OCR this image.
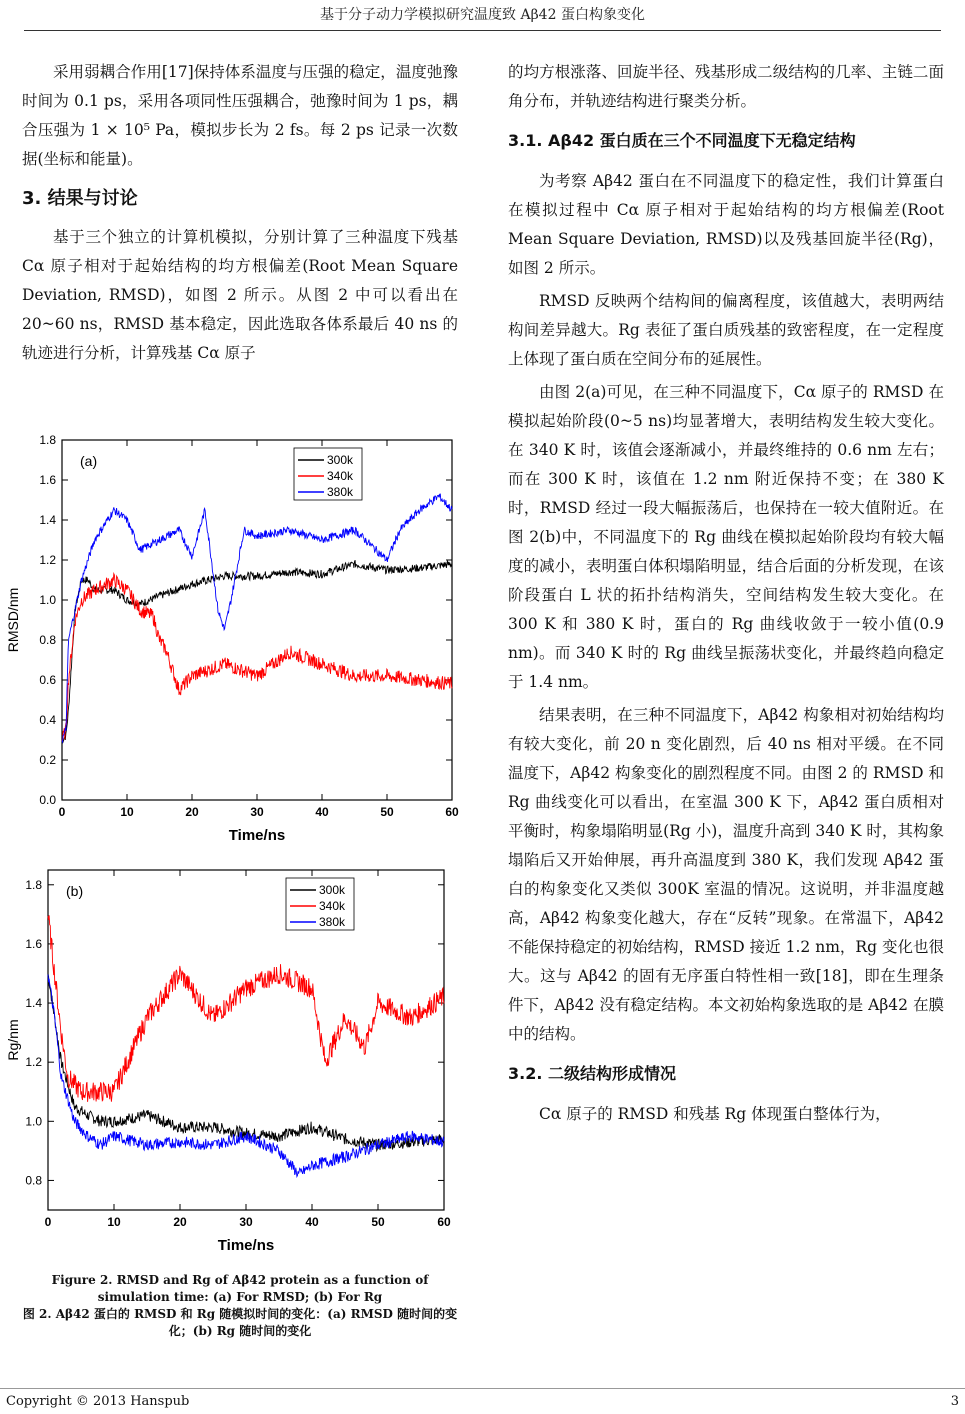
基于分子动力学模拟研究温度致 Aβ42 蛋白构象变化

采用弱耦合作用[17]保持体系温度与压强的稳定，温度弛豫时间为 0.1 ps，采用各项同性压强耦合，弛豫时间为 1 ps，耦合压强为 1 × 10⁵ Pa，模拟步长为 2 fs。每 2 ps 记录一次数据(坐标和能量)。

3. 结果与讨论

基于三个独立的计算机模拟，分别计算了三种温度下残基 Cα 原子相对于起始结构的均方根偏差(Root Mean Square Deviation, RMSD)，如图 2 所示。从图 2 中可以看出在 20~60 ns，RMSD 基本稳定，因此选取各体系最后 40 ns 的轨迹进行分析，计算残基 Cα 原子

0	10	20	30	40	50	60
0.0
0.2
0.4
0.6
0.8
1.0
1.2
1.4
1.6
1.8
Time/ns
RMSD/nm
(a)	300k
340k
380k
0	10	20	30	40	50	60
0.8
1.0
1.2
1.4
1.6
1.8
Time/ns
Rg/nm
(b)	300k
340k
380k
Figure 2. RMSD and Rg of Aβ42 protein as a function of simulation time: (a) For RMSD; (b) For Rg
图 2. Aβ42 蛋白的 RMSD 和 Rg 随模拟时间的变化：(a) RMSD 随时间的变化；(b) Rg 随时间的变化

的均方根涨落、回旋半径、残基形成二级结构的几率、主链二面角分布，并轨迹结构进行聚类分析。

3.1. Aβ42 蛋白质在三个不同温度下无稳定结构

为考察 Aβ42 蛋白在不同温度下的稳定性，我们计算蛋白在模拟过程中 Cα 原子相对于起始结构的均方根偏差(Root Mean Square Deviation, RMSD)以及残基回旋半径(Rg)，如图 2 所示。

RMSD 反映两个结构间的偏离程度，该值越大，表明两结构间差异越大。Rg 表征了蛋白质残基的致密程度，在一定程度上体现了蛋白质在空间分布的延展性。

由图 2(a)可见，在三种不同温度下，Cα 原子的 RMSD 在模拟起始阶段(0~5 ns)均显著增大，表明结构发生较大变化。在 340 K 时，该值会逐渐减小，并最终维持的 0.6 nm 左右；而在 300 K 时，该值在 1.2 nm 附近保持不变；在 380 K 时，RMSD 经过一段大幅振荡后，也保持在一较大值附近。在图 2(b)中，不同温度下的 Rg 曲线在模拟起始阶段均有较大幅度的减小，表明蛋白体积塌陷明显，结合后面的分析发现，在该阶段蛋白 L 状的拓扑结构消失，空间结构发生较大变化。在 300 K 和 380 K 时，蛋白的 Rg 曲线收敛于一较小值(0.9 nm)。而 340 K 时的 Rg 曲线呈振荡状变化，并最终趋向稳定于 1.4 nm。

结果表明，在三种不同温度下，Aβ42 构象相对初始结构均有较大变化，前 20 n 变化剧烈，后 40 ns 相对平缓。在不同温度下，Aβ42 构象变化的剧烈程度不同。由图 2 的 RMSD 和 Rg 曲线变化可以看出，在室温 300 K 下，Aβ42 蛋白质相对平衡时，构象塌陷明显(Rg 小)，温度升高到 340 K 时，其构象塌陷后又开始伸展，再升高温度到 380 K，我们发现 Aβ42 蛋白的构象变化又类似 300K 室温的情况。这说明，并非温度越高，Aβ42 构象变化越大，存在“反转”现象。在常温下，Aβ42 不能保持稳定的初始结构，RMSD 接近 1.2 nm，Rg 变化也很大。这与 Aβ42 的固有无序蛋白特性相一致[18]，即在生理条件下，Aβ42 没有稳定结构。本文初始构象选取的是 Aβ42 在膜中的结构。

3.2. 二级结构形成情况

Cα 原子的 RMSD 和残基 Rg 体现蛋白整体行为，

Copyright © 2013 Hanspub	3
